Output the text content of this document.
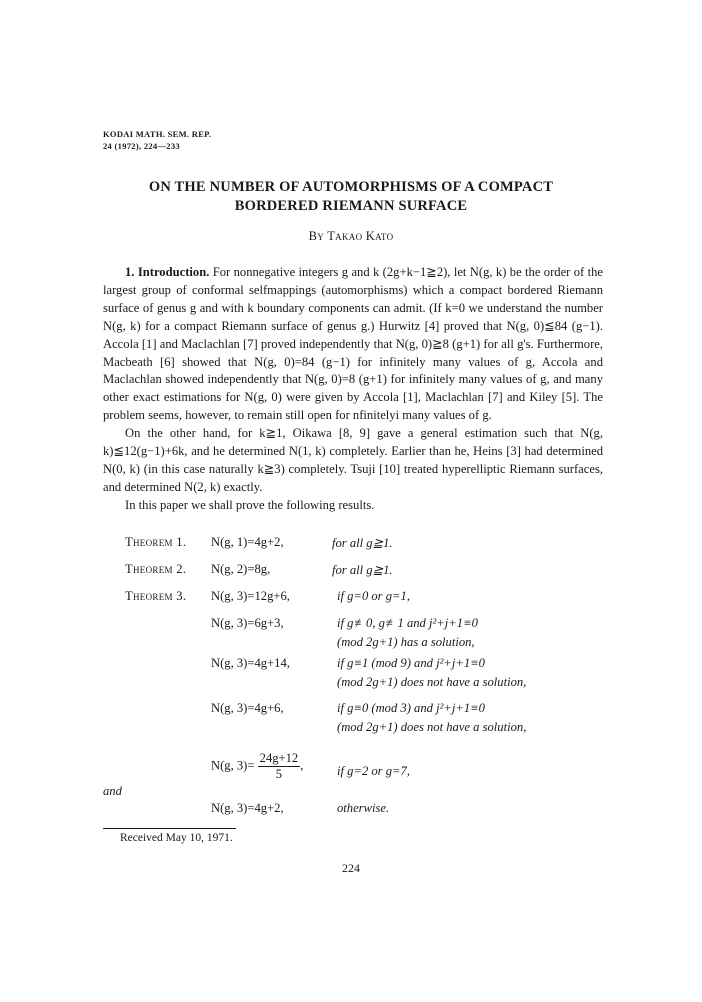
KODAI MATH. SEM. REP.
24 (1972), 224—233
ON THE NUMBER OF AUTOMORPHISMS OF A COMPACT
BORDERED RIEMANN SURFACE
By Takao Kato

1. Introduction. For nonnegative integers g and k (2g+k−1≧2), let N(g, k) be the order of the largest group of conformal selfmappings (automorphisms) which a compact bordered Riemann surface of genus g and with k boundary components can admit. (If k=0 we understand the number N(g, k) for a compact Riemann surface of genus g.) Hurwitz [4] proved that N(g, 0)≦84 (g−1). Accola [1] and Maclachlan [7] proved independently that N(g, 0)≧8 (g+1) for all g's. Furthermore, Macbeath [6] showed that N(g, 0)=84 (g−1) for infinitely many values of g, Accola and Maclachlan showed independently that N(g, 0)=8 (g+1) for infinitely many values of g, and many other exact estimations for N(g, 0) were given by Accola [1], Maclachlan [7] and Kiley [5]. The problem seems, however, to remain still open for nfinitelyi many values of g.

On the other hand, for k≧1, Oikawa [8, 9] gave a general estimation such that N(g, k)≦12(g−1)+6k, and he determined N(1, k) completely. Earlier than he, Heins [3] had determined N(0, k) (in this case naturally k≧3) completely. Tsuji [10] treated hyperelliptic Riemann surfaces, and determined N(2, k) exactly.

In this paper we shall prove the following results.

Theorem 1. N(g, 1)=4g+2,	for all g≧1.
Theorem 2. N(g, 2)=8g,	for all g≧1.
Theorem 3. N(g, 3)=12g+6,	if g=0 or g=1,
N(g, 3)=6g+3,	if g≢0, g≢1 and j²+j+1≡0
(mod 2g+1) has a solution,
N(g, 3)=4g+14,	if g≡1 (mod 9) and j²+j+1≡0
(mod 2g+1) does not have a solution,
N(g, 3)=4g+6,	if g≡0 (mod 3) and j²+j+1≡0
(mod 2g+1) does not have a solution,
N(g, $3)= \frac{24g+12}{5}$ ,	if g=2 or g=7,
and
N(g, 3)=4g+2,	otherwise.
Received May 10, 1971.
224
